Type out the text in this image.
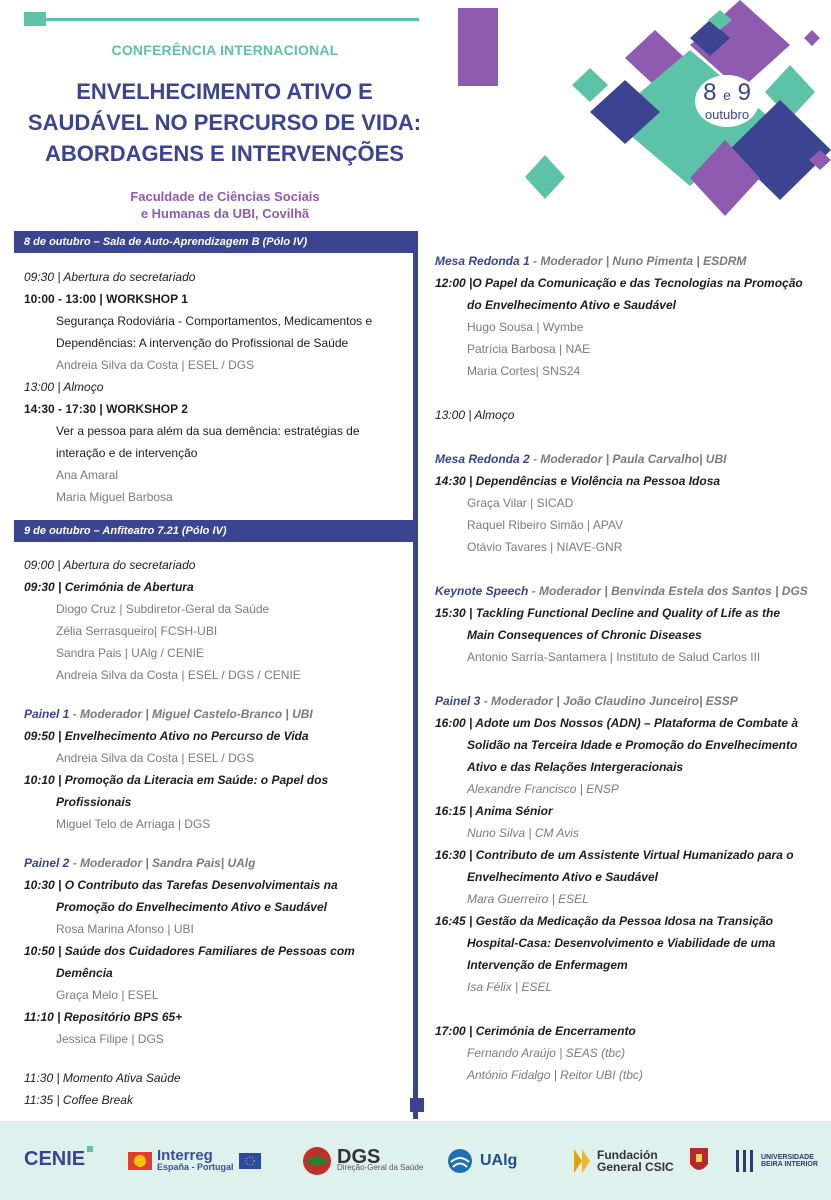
CONFERÊNCIA INTERNACIONAL
ENVELHECIMENTO ATIVO E
SAUDÁVEL NO PERCURSO DE VIDA:
ABORDAGENS E INTERVENÇÕES
Faculdade de Ciências Sociais
e Humanas da UBI, Covilhã
8 e 9
outubro
8 de outubro – Sala de Auto-Aprendizagem B (Pólo IV)
09:30 | Abertura do secretariado
10:00 - 13:00 | WORKSHOP 1
Segurança Rodoviária - Comportamentos, Medicamentos e
Dependências: A intervenção do Profissional de Saúde
Andreia Silva da Costa | ESEL / DGS
13:00 | Almoço
14:30 - 17:30 | WORKSHOP 2
Ver a pessoa para além da sua demência: estratégias de
interação e de intervenção
Ana Amaral
Maria Miguel Barbosa
9 de outubro – Anfiteatro 7.21 (Pólo IV)
09:00 | Abertura do secretariado
09:30 | Cerimónia de Abertura
Diogo Cruz | Subdiretor-Geral da Saúde
Zélia Serrasqueiro| FCSH-UBI
Sandra Pais | UAlg / CENIE
Andreia Silva da Costa | ESEL / DGS / CENIE
Painel 1 - Moderador | Miguel Castelo-Branco | UBI
09:50 | Envelhecimento Ativo no Percurso de Vida
Andreia Silva da Costa | ESEL / DGS
10:10 | Promoção da Literacia em Saúde: o Papel dos
Profissionais
Miguel Telo de Arriaga | DGS
Painel 2 - Moderador | Sandra Pais| UAlg
10:30 | O Contributo das Tarefas Desenvolvimentais na
Promoção do Envelhecimento Ativo e Saudável
Rosa Marina Afonso | UBI
10:50 | Saúde dos Cuidadores Familiares de Pessoas com
Demência
Graça Melo | ESEL
11:10 | Repositório BPS 65+
Jessica Filipe | DGS
11:30 | Momento Ativa Saúde
11:35 | Coffee Break
Mesa Redonda 1 - Moderador | Nuno Pimenta | ESDRM
12:00 |O Papel da Comunicação e das Tecnologias na Promoção
do Envelhecimento Ativo e Saudável
Hugo Sousa | Wymbe
Patrícia Barbosa | NAE
Maria Cortes| SNS24
13:00 | Almoço
Mesa Redonda 2 - Moderador | Paula Carvalho| UBI
14:30 | Dependências e Violência na Pessoa Idosa
Graça Vilar | SICAD
Raquel Ribeiro Simão | APAV
Otávio Tavares | NIAVE-GNR
Keynote Speech - Moderador | Benvinda Estela dos Santos | DGS
15:30 | Tackling Functional Decline and Quality of Life as the
Main Consequences of Chronic Diseases
Antonio Sarría-Santamera | Instituto de Salud Carlos III
Painel 3 - Moderador | João Claudino Junceiro| ESSP
16:00 | Adote um Dos Nossos (ADN) – Plataforma de Combate à
Solidão na Terceira Idade e Promoção do Envelhecimento
Ativo e das Relações Intergeracionais
Alexandre Francisco | ENSP
16:15 | Anima Sénior
Nuno Silva | CM Avis
16:30 | Contributo de um Assistente Virtual Humanizado para o
Envelhecimento Ativo e Saudável
Mara Guerreiro | ESEL
16:45 | Gestão da Medicação da Pessoa Idosa na Transição
Hospital-Casa: Desenvolvimento e Viabilidade de uma
Intervenção de Enfermagem
Isa Félix | ESEL
17:00 | Cerimónia de Encerramento
Fernando Araújo | SEAS (tbc)
António Fidalgo | Reitor UBI (tbc)
CENIE	Interreg
España - Portugal	DGS
Direção-Geral da Saúde	UAlg	Fundación
General CSIC
UNIVERSIDADE
BEIRA INTERIOR
